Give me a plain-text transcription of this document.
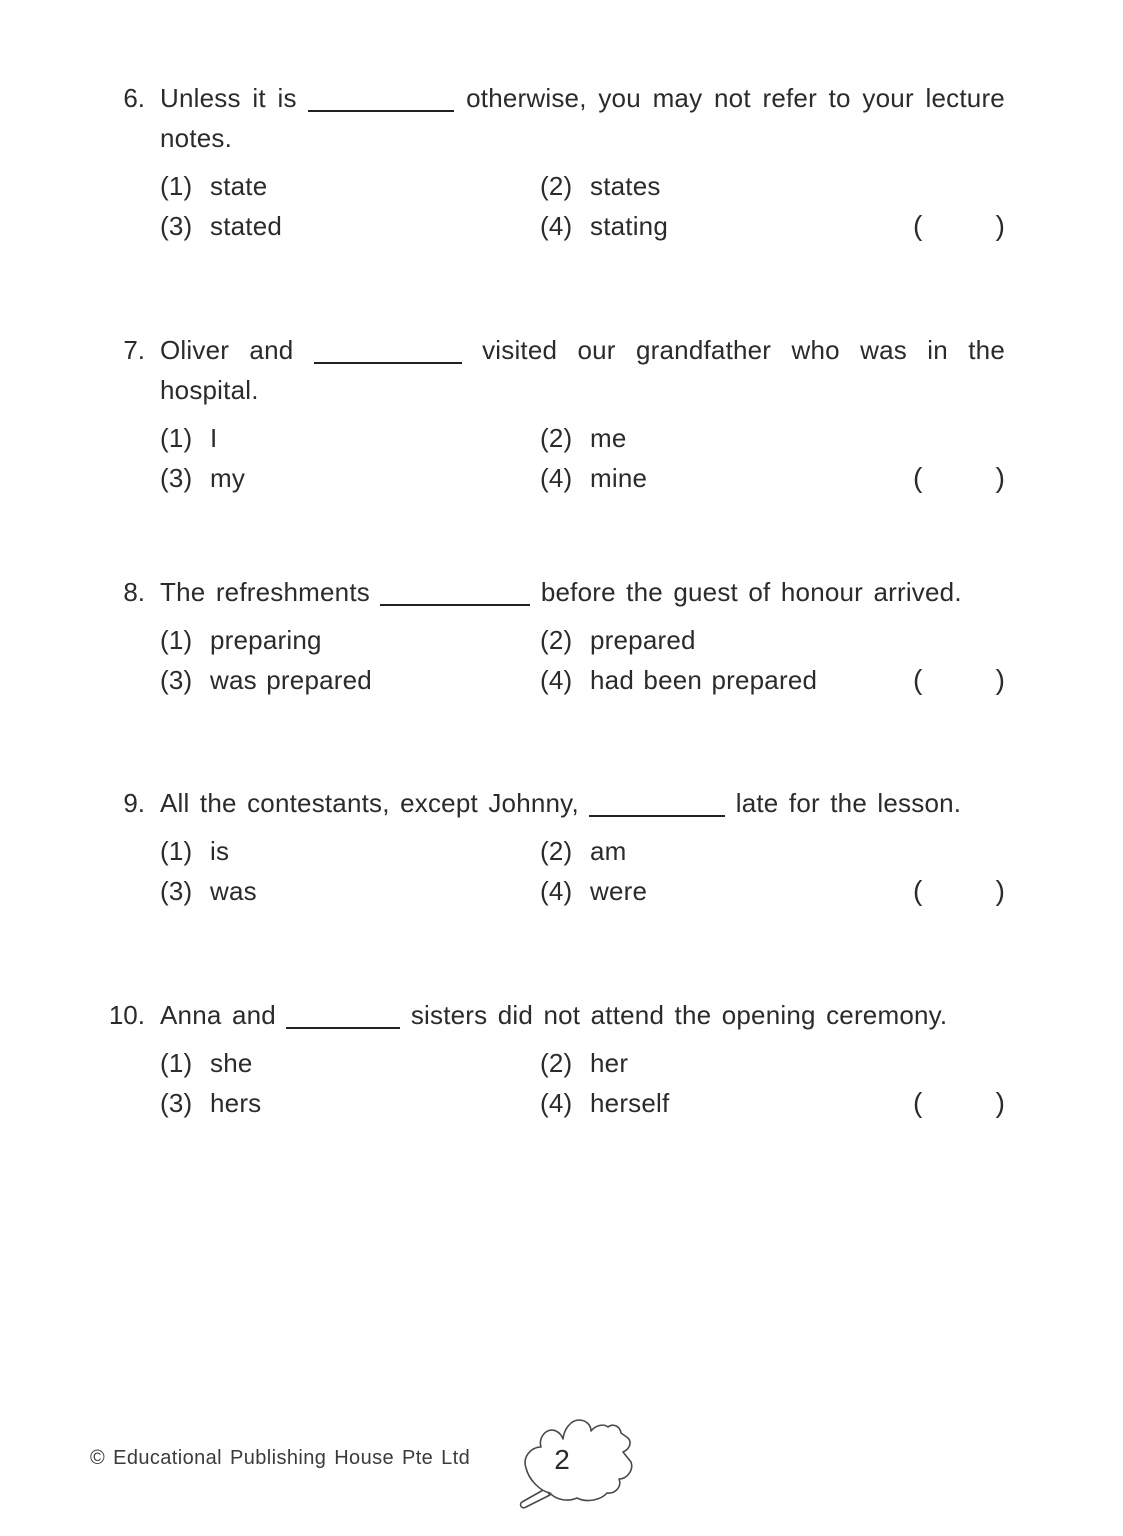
6. Unless it is	otherwise, you may not refer to your lecture
notes.
(1) state	(2) states
(3) stated	(4) stating	(	)
7. Oliver and	visited our grandfather who was in the
hospital.
(1) I	(2) me
(3) my	(4) mine	(	)
8. The refreshments	before the guest of honour arrived.
(1) preparing	(2) prepared
(3) was prepared	(4) had been prepared	(	)
9. All the contestants, except Johnny,	late for the lesson.
(1) is	(2) am
(3) was	(4) were	(	)
10. Anna and	sisters did not attend the opening ceremony.
(1) she	(2) her
(3) hers	(4) herself	(	)
© Educational Publishing House Pte Ltd	2
